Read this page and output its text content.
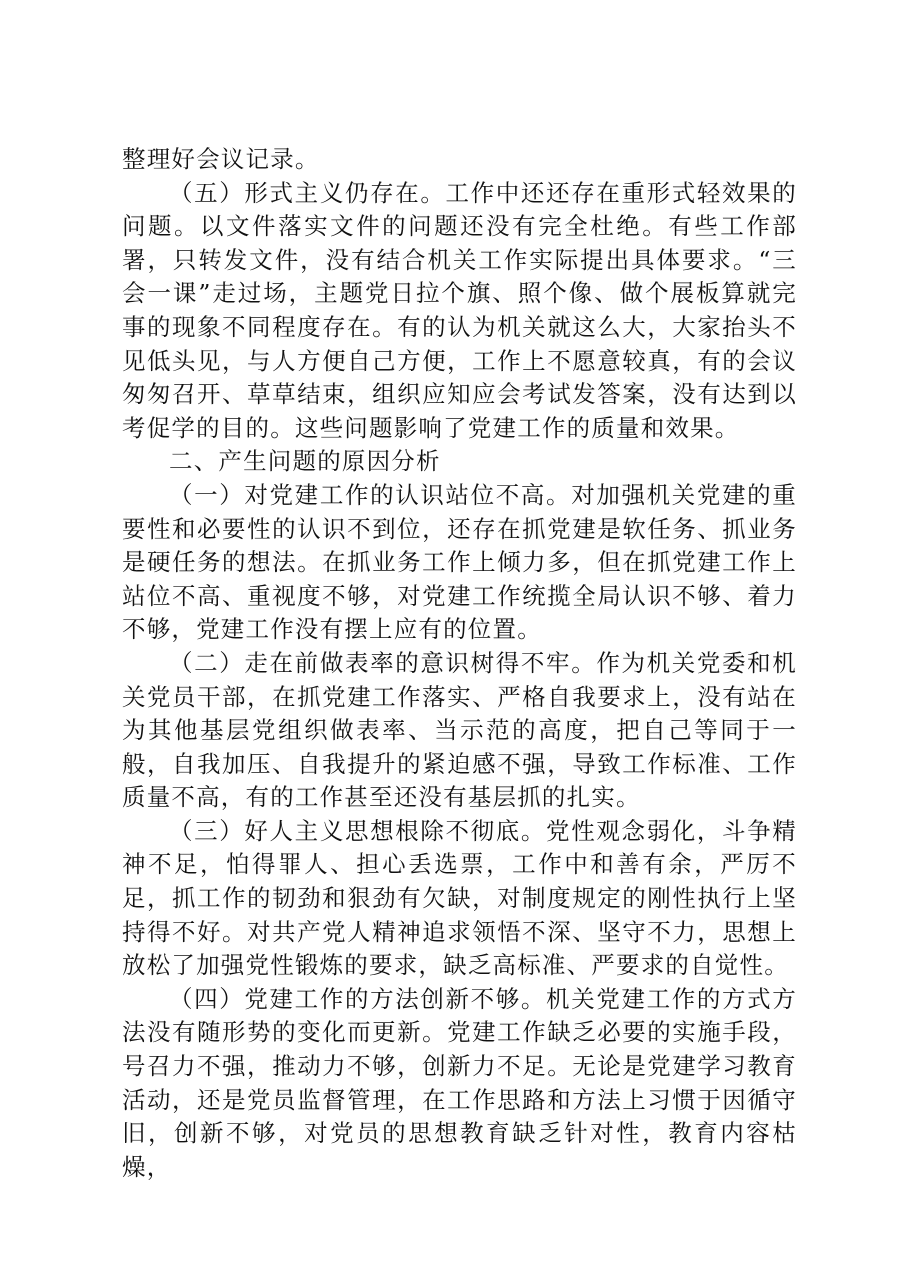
整理好会议记录。

（五）形式主义仍存在。工作中还还存在重形式轻效果的问题。以文件落实文件的问题还没有完全杜绝。有些工作部署，只转发文件，没有结合机关工作实际提出具体要求。“三会一课”走过场，主题党日拉个旗、照个像、做个展板算就完事的现象不同程度存在。有的认为机关就这么大，大家抬头不见低头见，与人方便自己方便，工作上不愿意较真，有的会议匆匆召开、草草结束，组织应知应会考试发答案，没有达到以考促学的目的。这些问题影响了党建工作的质量和效果。

二、产生问题的原因分析

（一）对党建工作的认识站位不高。对加强机关党建的重要性和必要性的认识不到位，还存在抓党建是软任务、抓业务是硬任务的想法。在抓业务工作上倾力多，但在抓党建工作上站位不高、重视度不够，对党建工作统揽全局认识不够、着力不够，党建工作没有摆上应有的位置。

（二）走在前做表率的意识树得不牢。作为机关党委和机关党员干部，在抓党建工作落实、严格自我要求上，没有站在为其他基层党组织做表率、当示范的高度，把自己等同于一般，自我加压、自我提升的紧迫感不强，导致工作标准、工作质量不高，有的工作甚至还没有基层抓的扎实。

（三）好人主义思想根除不彻底。党性观念弱化，斗争精神不足，怕得罪人、担心丢选票，工作中和善有余，严厉不足，抓工作的韧劲和狠劲有欠缺，对制度规定的刚性执行上坚持得不好。对共产党人精神追求领悟不深、坚守不力，思想上放松了加强党性锻炼的要求，缺乏高标准、严要求的自觉性。

（四）党建工作的方法创新不够。机关党建工作的方式方法没有随形势的变化而更新。党建工作缺乏必要的实施手段，号召力不强，推动力不够，创新力不足。无论是党建学习教育活动，还是党员监督管理，在工作思路和方法上习惯于因循守旧，创新不够，对党员的思想教育缺乏针对性，教育内容枯燥，
